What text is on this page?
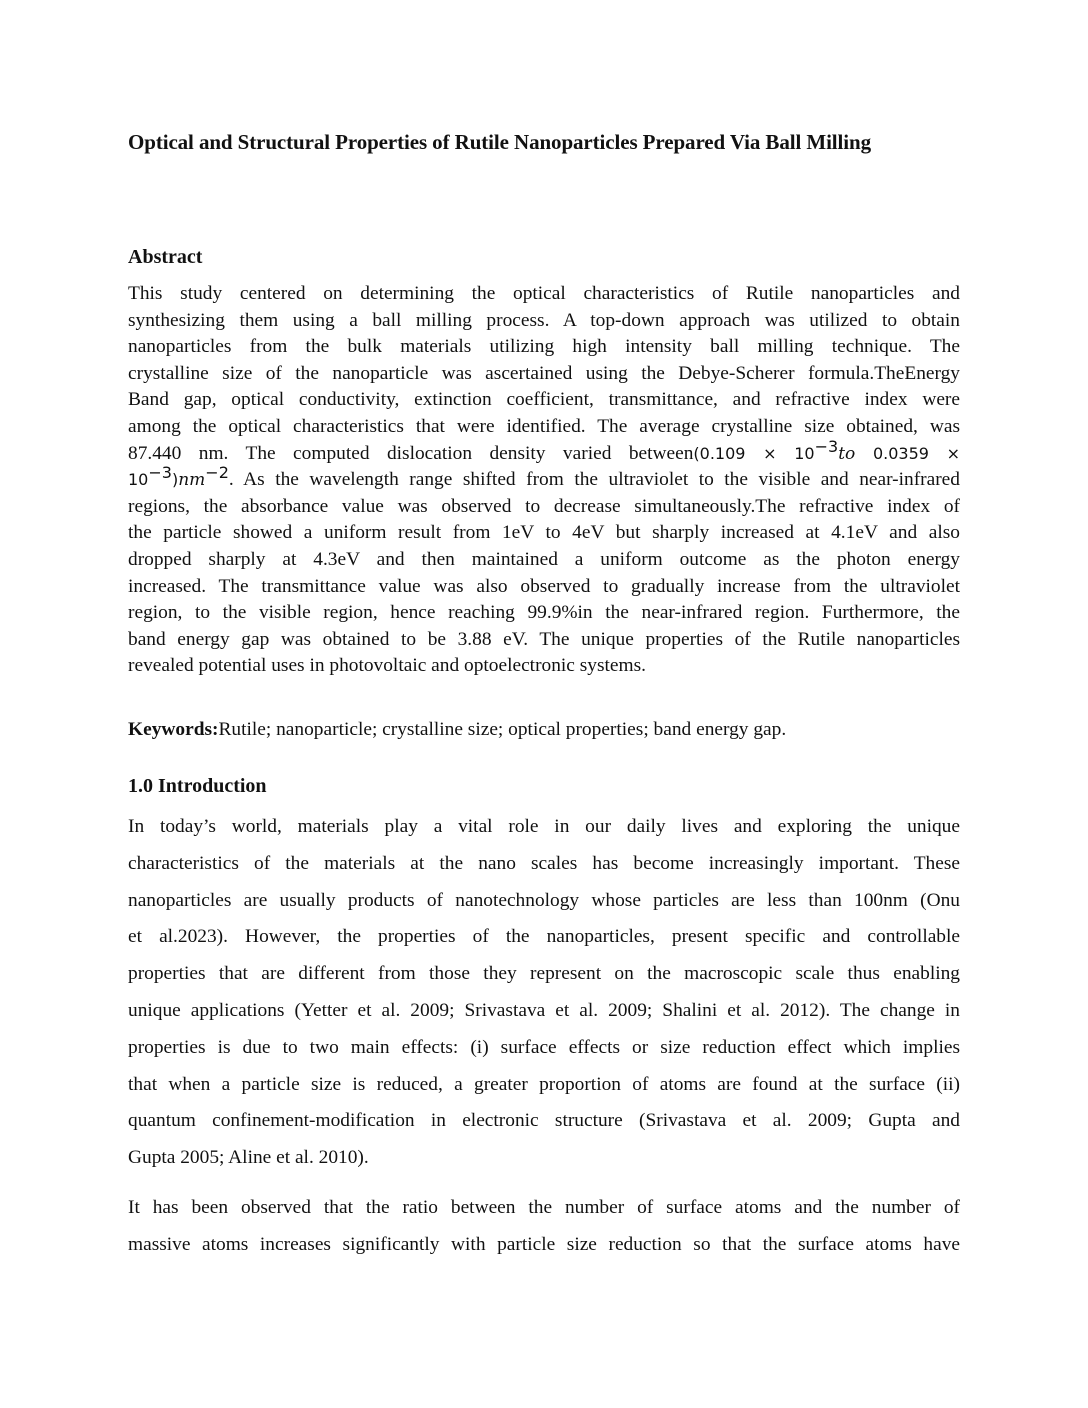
Optical and Structural Properties of Rutile Nanoparticles Prepared Via Ball Milling
Abstract
This study centered on determining the optical characteristics of Rutile nanoparticles and
synthesizing them using a ball milling process. A top-down approach was utilized to obtain
nanoparticles from the bulk materials utilizing high intensity ball milling technique. The
crystalline size of the nanoparticle was ascertained using the Debye-Scherer formula.TheEnergy
Band gap, optical conductivity, extinction coefficient, transmittance, and refractive index were
among the optical characteristics that were identified. The average crystalline size obtained, was
87.440 nm. The computed dislocation density varied between(0.109 × $10^{-3}to$ 0.0359 ×
$10^{-3})nm^{-2}$. As the wavelength range shifted from the ultraviolet to the visible and near-infrared
regions, the absorbance value was observed to decrease simultaneously.The refractive index of
the particle showed a uniform result from 1eV to 4eV but sharply increased at 4.1eV and also
dropped sharply at 4.3eV and then maintained a uniform outcome as the photon energy
increased. The transmittance value was also observed to gradually increase from the ultraviolet
region, to the visible region, hence reaching 99.9%in the near-infrared region. Furthermore, the
band energy gap was obtained to be 3.88 eV. The unique properties of the Rutile nanoparticles
revealed potential uses in photovoltaic and optoelectronic systems.
Keywords:Rutile; nanoparticle; crystalline size; optical properties; band energy gap.
1.0 Introduction
In today’s world, materials play a vital role in our daily lives and exploring the unique
characteristics of the materials at the nano scales has become increasingly important. These
nanoparticles are usually products of nanotechnology whose particles are less than 100nm (Onu
et al.2023). However, the properties of the nanoparticles, present specific and controllable
properties that are different from those they represent on the macroscopic scale thus enabling
unique applications (Yetter et al. 2009; Srivastava et al. 2009; Shalini et al. 2012). The change in
properties is due to two main effects: (i) surface effects or size reduction effect which implies
that when a particle size is reduced, a greater proportion of atoms are found at the surface (ii)
quantum confinement-modification in electronic structure (Srivastava et al. 2009; Gupta and
Gupta 2005; Aline et al. 2010).
It has been observed that the ratio between the number of surface atoms and the number of
massive atoms increases significantly with particle size reduction so that the surface atoms have
